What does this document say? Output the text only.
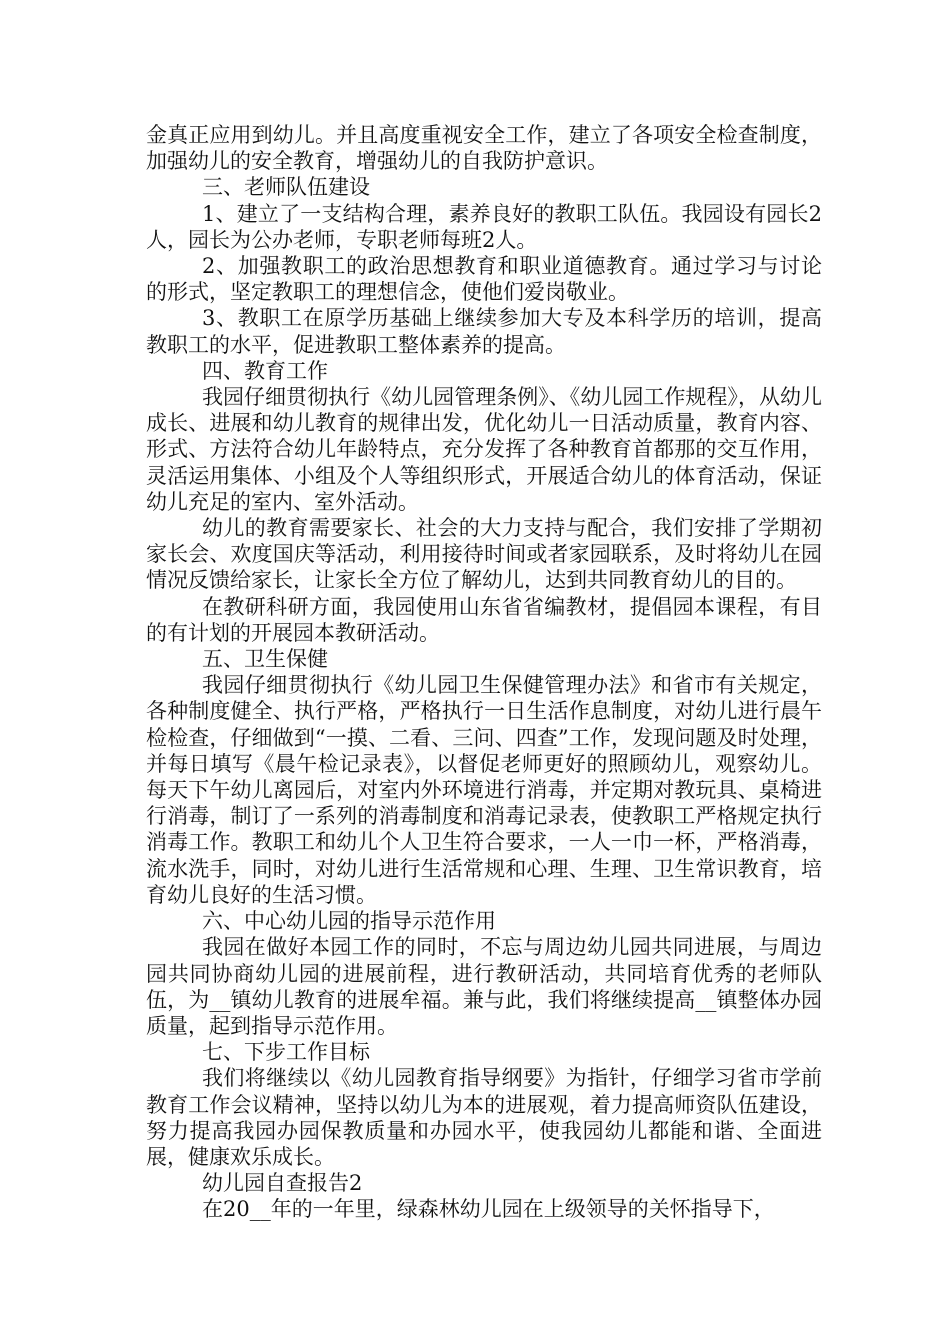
金真正应用到幼儿。并且高度重视安全工作，建立了各项安全检查制度，加强幼儿的安全教育，增强幼儿的自我防护意识。

三、老师队伍建设

1、建立了一支结构合理，素养良好的教职工队伍。我园设有园长2人，园长为公办老师，专职老师每班2人。

2、加强教职工的政治思想教育和职业道德教育。通过学习与讨论的形式，坚定教职工的理想信念，使他们爱岗敬业。

3、教职工在原学历基础上继续参加大专及本科学历的培训，提高教职工的水平，促进教职工整体素养的提高。

四、教育工作

我园仔细贯彻执行《幼儿园管理条例》、《幼儿园工作规程》，从幼儿成长、进展和幼儿教育的规律出发，优化幼儿一日活动质量，教育内容、形式、方法符合幼儿年龄特点，充分发挥了各种教育首都那的交互作用，灵活运用集体、小组及个人等组织形式，开展适合幼儿的体育活动，保证幼儿充足的室内、室外活动。

幼儿的教育需要家长、社会的大力支持与配合，我们安排了学期初家长会、欢度国庆等活动，利用接待时间或者家园联系，及时将幼儿在园情况反馈给家长，让家长全方位了解幼儿，达到共同教育幼儿的目的。

在教研科研方面，我园使用山东省省编教材，提倡园本课程，有目的有计划的开展园本教研活动。

五、卫生保健

我园仔细贯彻执行《幼儿园卫生保健管理办法》和省市有关规定，各种制度健全、执行严格，严格执行一日生活作息制度，对幼儿进行晨午检检查，仔细做到“一摸、二看、三问、四查”工作，发现问题及时处理，并每日填写《晨午检记录表》，以督促老师更好的照顾幼儿，观察幼儿。每天下午幼儿离园后，对室内外环境进行消毒，并定期对教玩具、桌椅进行消毒，制订了一系列的消毒制度和消毒记录表，使教职工严格规定执行消毒工作。教职工和幼儿个人卫生符合要求，一人一巾一杯，严格消毒，流水洗手，同时，对幼儿进行生活常规和心理、生理、卫生常识教育，培育幼儿良好的生活习惯。

六、中心幼儿园的指导示范作用

我园在做好本园工作的同时，不忘与周边幼儿园共同进展，与周边园共同协商幼儿园的进展前程，进行教研活动，共同培育优秀的老师队伍，为__镇幼儿教育的进展牟福。兼与此，我们将继续提高__镇整体办园质量，起到指导示范作用。

七、下步工作目标

我们将继续以《幼儿园教育指导纲要》为指针，仔细学习省市学前教育工作会议精神，坚持以幼儿为本的进展观，着力提高师资队伍建设，努力提高我园办园保教质量和办园水平，使我园幼儿都能和谐、全面进展，健康欢乐成长。

幼儿园自查报告2

在20__年的一年里，绿森林幼儿园在上级领导的关怀指导下，
